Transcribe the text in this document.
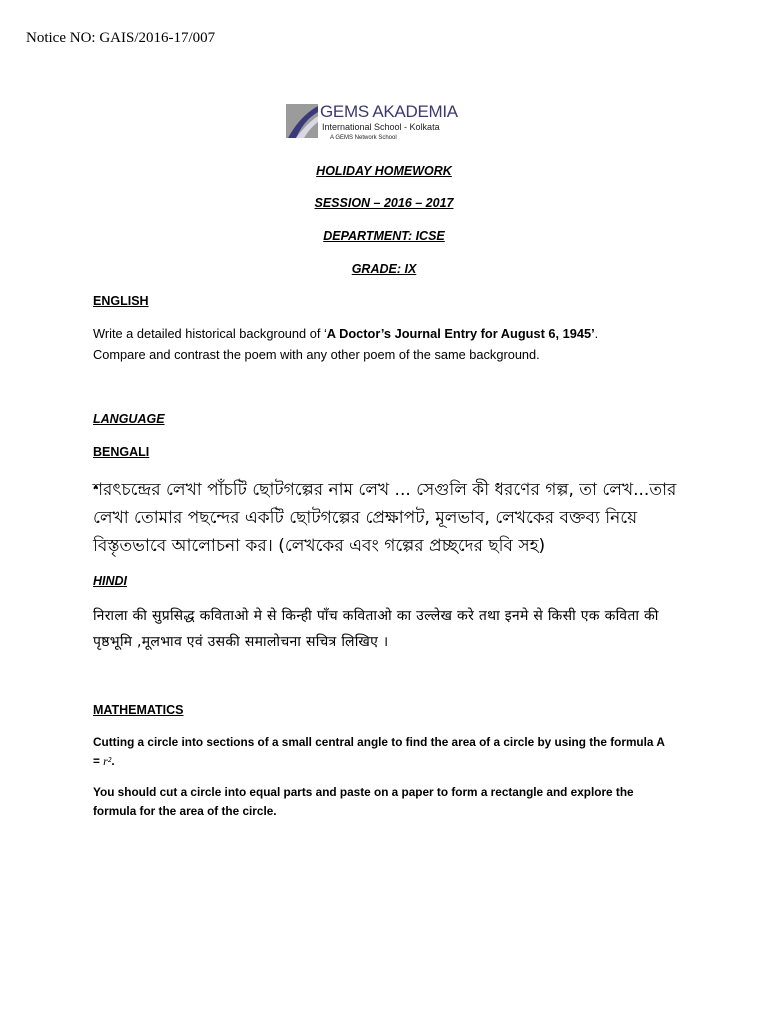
Notice NO: GAIS/2016-17/007
GEMS AKADEMIA
International School - Kolkata
A GEMS Network School
HOLIDAY HOMEWORK
SESSION – 2016 – 2017
DEPARTMENT: ICSE
GRADE: IX
ENGLISH
Write a detailed historical background of ‘A Doctor’s Journal Entry for August 6, 1945’.
Compare and contrast the poem with any other poem of the same background.
LANGUAGE
BENGALI
শরৎচন্দ্রের লেখা পাঁচটি ছোটগল্পের নাম লেখ ... সেগুলি কী ধরণের গল্প, তা লেখ...তার লেখা তোমার পছন্দের একটি ছোটগল্পের প্রেক্ষাপট, মূলভাব, লেখকের বক্তব্য নিয়ে বিস্তৃতভাবে আলোচনা কর। (লেখকের এবং গল্পের প্রচ্ছদের ছবি সহ)
HINDI
निराला की सुप्रसिद्ध कविताओ मे से किन्ही पाँच कविताओ का उल्लेख करे तथा इनमे से किसी एक कविता की पृष्ठभूमि ,मूलभाव एवं उसकी समालोचना सचित्र लिखिए ।
MATHEMATICS
Cutting a circle into sections of a small central angle to find the area of a circle by using the formula A = r².
You should cut a circle into equal parts and paste on a paper to form a rectangle and explore the formula for the area of the circle.
